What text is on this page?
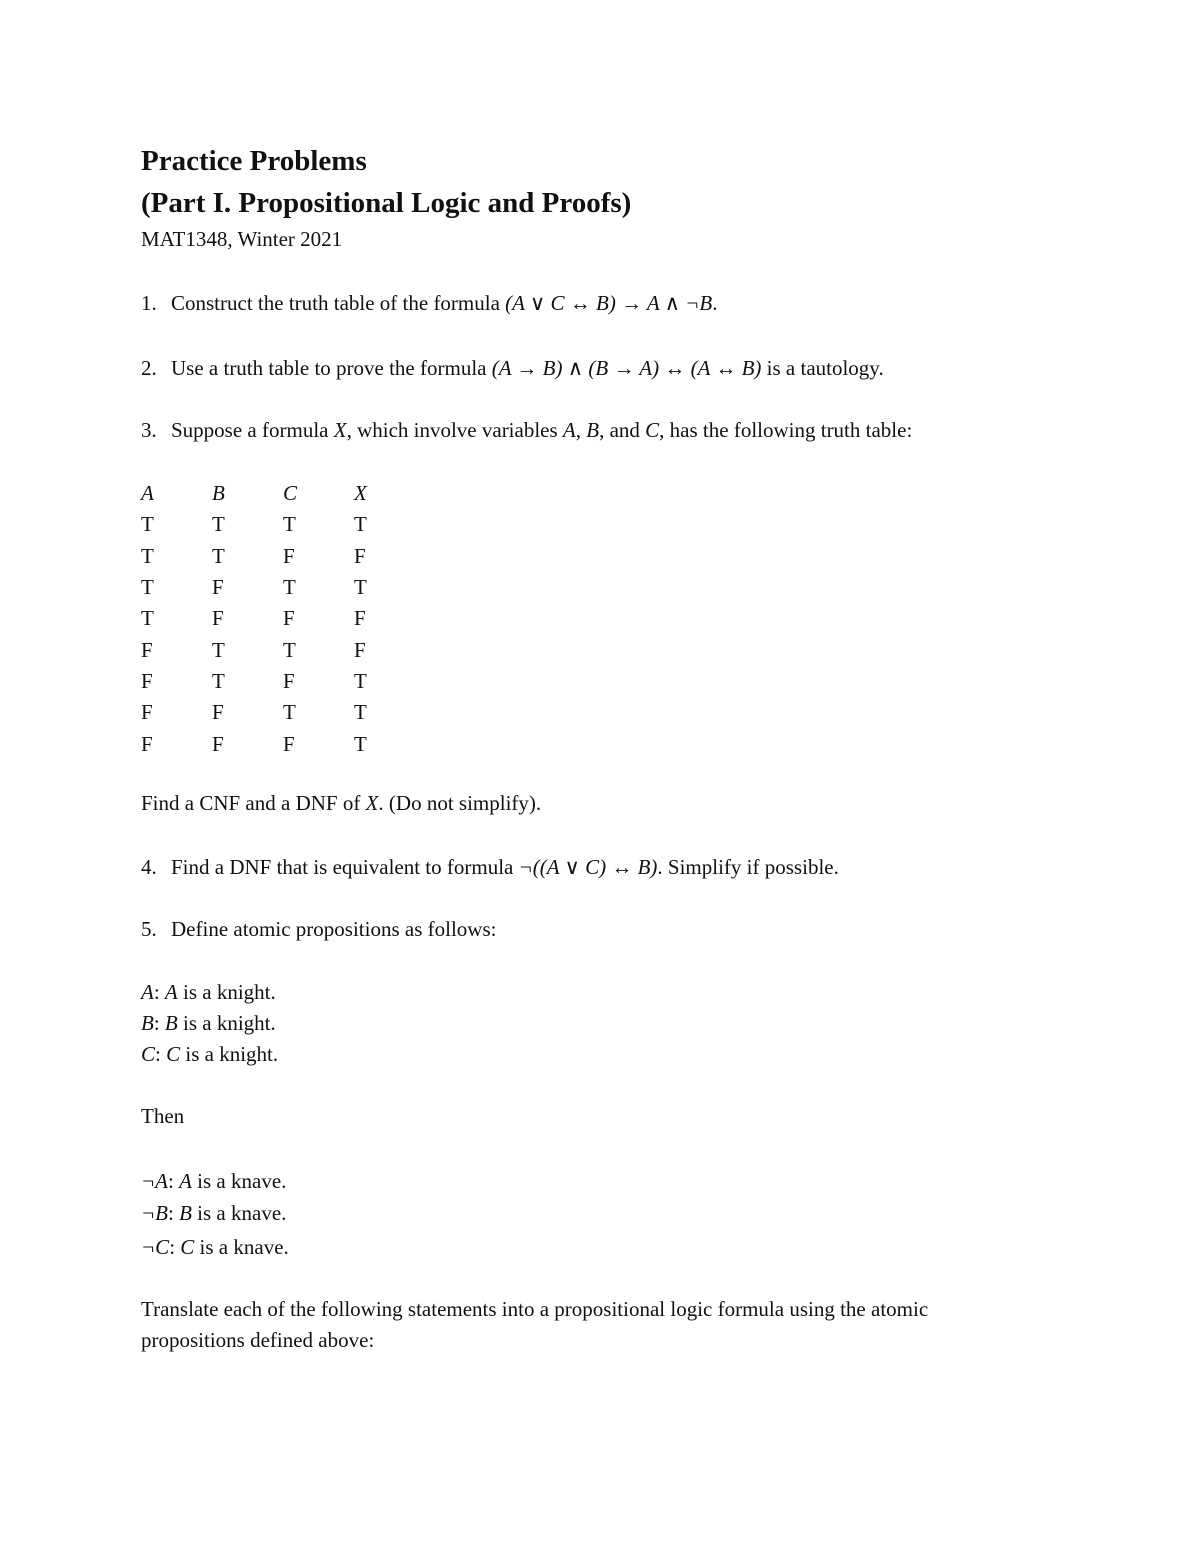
Practice Problems
(Part I. Propositional Logic and Proofs)
MAT1348, Winter 2021
1. Construct the truth table of the formula (A ∨ C ↔ B) → A ∧ ¬B.
2. Use a truth table to prove the formula (A → B) ∧ (B → A) ↔ (A ↔ B) is a tautology.
3. Suppose a formula X, which involve variables A, B, and C, has the following truth table:
A	B	C	X
T	T	T	T
T	T	F	F
T	F	T	T
T	F	F	F
F	T	T	F
F	T	F	T
F	F	T	T
F	F	F	T
Find a CNF and a DNF of X. (Do not simplify).
4. Find a DNF that is equivalent to formula ¬((A ∨ C) ↔ B). Simplify if possible.
5. Define atomic propositions as follows:
A: A is a knight.
B: B is a knight.
C: C is a knight.
Then
¬A: A is a knave.
¬B: B is a knave.
¬C: C is a knave.
Translate each of the following statements into a propositional logic formula using the atomic
propositions defined above:
